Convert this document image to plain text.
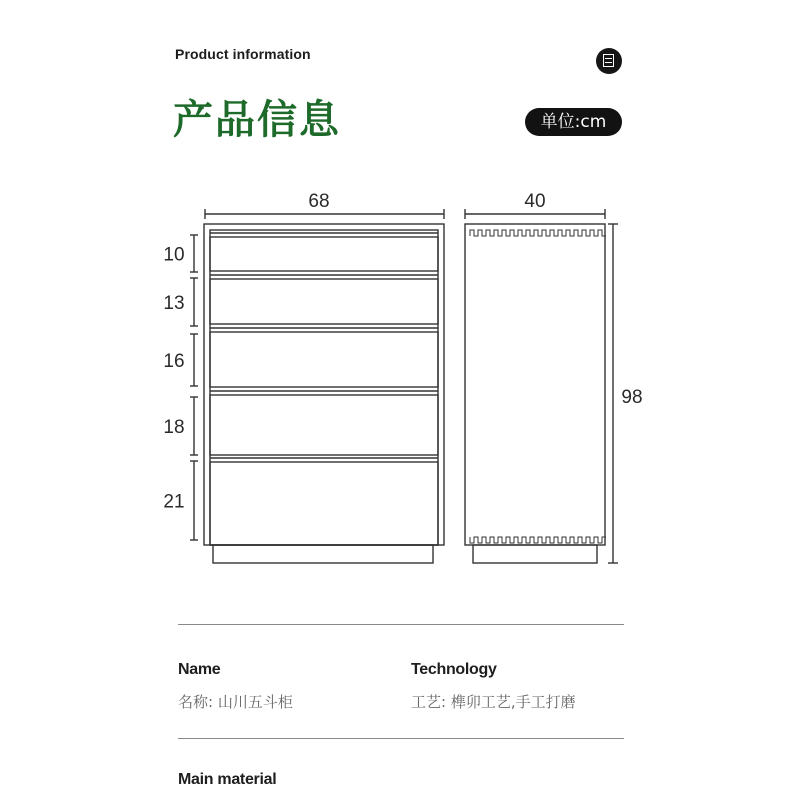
Product information
产品信息	单位:cm
68	40
98
10
13
16
18
21
Name
名称: 山川五斗柜
Technology
工艺: 榫卯工艺,手工打磨
Main material
